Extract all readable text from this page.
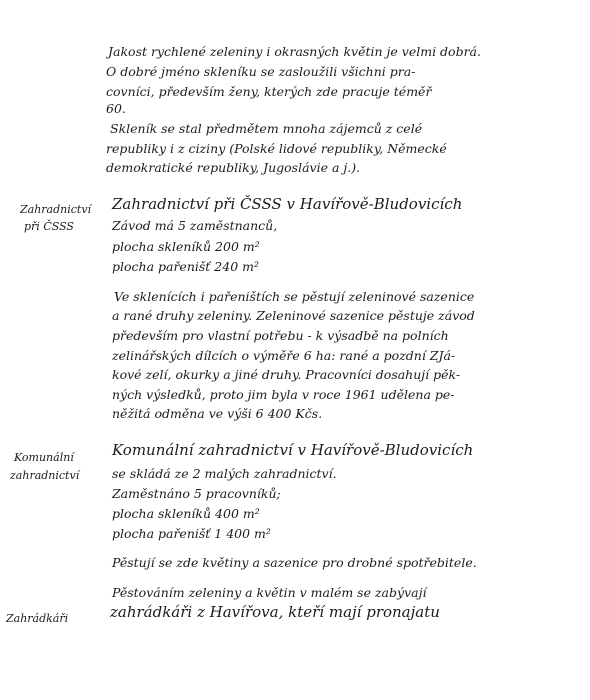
Jakost rychlené zeleniny i okrasných květin je velmi dobrá.
O dobré jméno skleníku se zasloužili všichni pra-
covníci, především ženy, kterých zde pracuje téměř
60.
Skleník se stal předmětem mnoha zájemců z celé
republiky i z ciziny (Polské lidové republiky, Německé
demokratické republiky, Jugoslávie a j.).
Zahradnictví
při ČSSS
Zahradnictví při ČSSS v Havířově-Bludovicích
Závod má 5 zaměstnanců,
plocha skleníků 200 m²
plocha pařenišť 240 m²
Ve sklenících i pařeništích se pěstují zeleninové sazenice
a rané druhy zeleniny. Zeleninové sazenice pěstuje závod
především pro vlastní potřebu - k výsadbě na polních
zelinářských dílcích o výměře 6 ha: rané a pozdní ZJá-
kové zelí, okurky a jiné druhy. Pracovníci dosahují pěk-
ných výsledků, proto jim byla v roce 1961 udělena pe-
něžitá odměna ve výši 6 400 Kčs.
Komunální
zahradnictví
Komunální zahradnictví v Havířově-Bludovicích
se skládá ze 2 malých zahradnictví.
Zaměstnáno 5 pracovníků;
plocha skleníků 400 m²
plocha pařenišť 1 400 m²
Pěstují se zde květiny a sazenice pro drobné spotřebitele.
Zahrádkáři
Pěstováním zeleniny a květin v malém se zabývají
zahrádkáři z Havířova, kteří mají pronajatu
